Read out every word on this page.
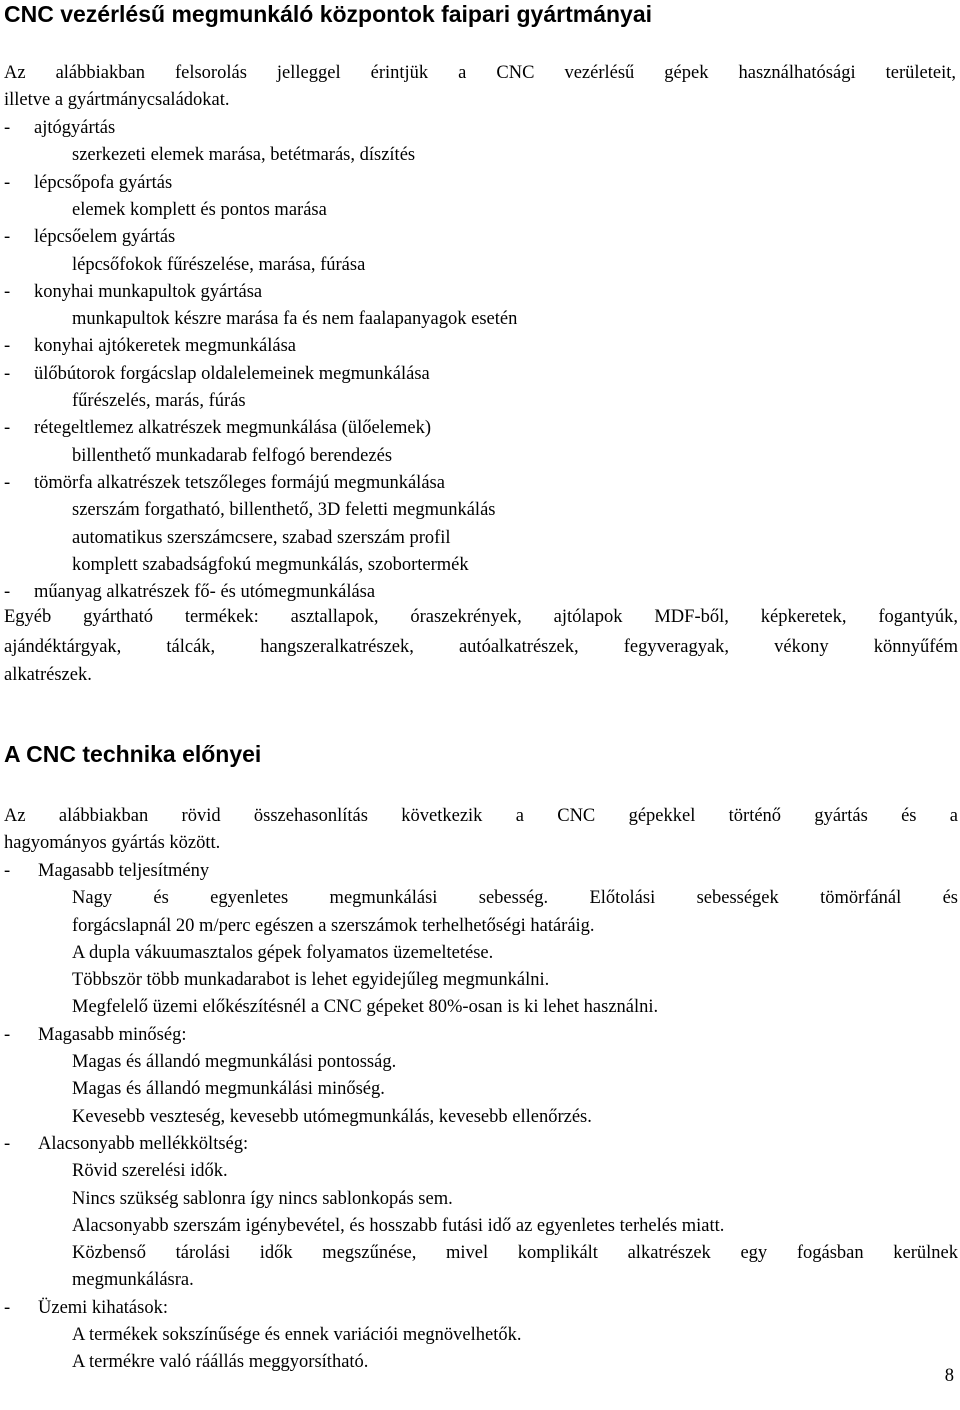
CNC vezérlésű megmunkáló központok faipari gyártmányai
Az alábbiakban felsorolás jelleggel érintjük a CNC vezérlésű gépek használhatósági területeit,
illetve a gyártmánycsaládokat.
- ajtógyártás
szerkezeti elemek marása, betétmarás, díszítés
- lépcsőpofa gyártás
elemek komplett és pontos marása
- lépcsőelem gyártás
lépcsőfokok fűrészelése, marása, fúrása
- konyhai munkapultok gyártása
munkapultok készre marása fa és nem faalapanyagok esetén
- konyhai ajtókeretek megmunkálása
- ülőbútorok forgácslap oldalelemeinek megmunkálása
fűrészelés, marás, fúrás
- rétegeltlemez alkatrészek megmunkálása (ülőelemek)
billenthető munkadarab felfogó berendezés
- tömörfa alkatrészek tetszőleges formájú megmunkálása
szerszám forgatható, billenthető, 3D feletti megmunkálás
automatikus szerszámcsere, szabad szerszám profil
komplett szabadságfokú megmunkálás, szobortermék
- műanyag alkatrészek fő- és utómegmunkálása
Egyéb gyártható termékek: asztallapok, óraszekrények, ajtólapok MDF-ből, képkeretek, fogantyúk,
ajándéktárgyak, tálcák, hangszeralkatrészek, autóalkatrészek, fegyveragyak, vékony könnyűfém
alkatrészek.
A CNC technika előnyei
Az alábbiakban rövid összehasonlítás következik a CNC gépekkel történő gyártás és a
hagyományos gyártás között.
- Magasabb teljesítmény
Nagy és egyenletes megmunkálási sebesség. Előtolási sebességek tömörfánál és
forgácslapnál 20 m/perc egészen a szerszámok terhelhetőségi határáig.
A dupla vákuumasztalos gépek folyamatos üzemeltetése.
Többször több munkadarabot is lehet egyidejűleg megmunkálni.
Megfelelő üzemi előkészítésnél a CNC gépeket 80%-osan is ki lehet használni.
- Magasabb minőség:
Magas és állandó megmunkálási pontosság.
Magas és állandó megmunkálási minőség.
Kevesebb veszteség, kevesebb utómegmunkálás, kevesebb ellenőrzés.
- Alacsonyabb mellékköltség:
Rövid szerelési idők.
Nincs szükség sablonra így nincs sablonkopás sem.
Alacsonyabb szerszám igénybevétel, és hosszabb futási idő az egyenletes terhelés miatt.
Közbenső tárolási idők megszűnése, mivel komplikált alkatrészek egy fogásban kerülnek
megmunkálásra.
- Üzemi kihatások:
A termékek sokszínűsége és ennek variációi megnövelhetők.
A termékre való ráállás meggyorsítható.
8
